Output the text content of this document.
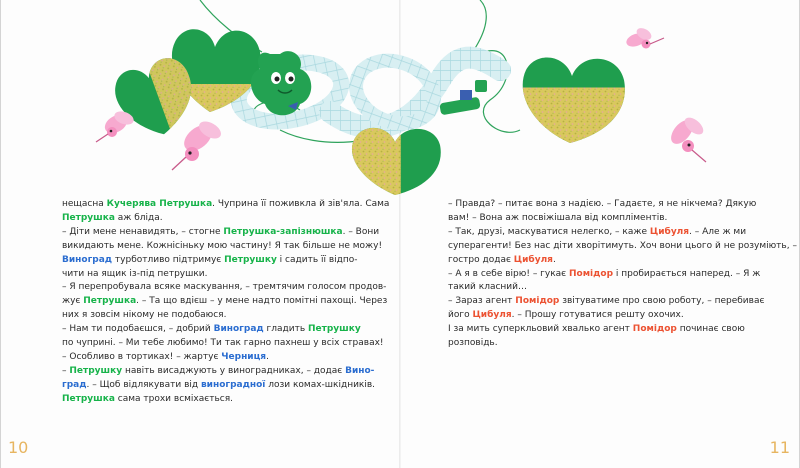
нещасна Кучерява Петрушка. Чуприна її поживкла й зів'яла. Сама

Петрушка аж бліда.

– Діти мене ненавидять, – стогне Петрушка-запізнюшка. – Вони

викидають мене. Кожнісіньку мою частину! Я так більше не можу!

Виноград турботливо підтримує Петрушку і садить її відпо-

чити на ящик із-під петрушки.

– Я перепробувала всяке маскування, – тремтячим голосом продов-

жує Петрушка. – Та що вдієш – у мене надто помітні пахощі. Через

них я зовсім нікому не подобаюся.

– Нам ти подобаєшся, – добрий Виноград гладить Петрушку

по чуприні. – Ми тебе любимо! Ти так гарно пахнеш у всіх стравах!

– Особливо в тортиках! – жартує Черниця.

– Петрушку навіть висаджують у виноградниках, – додає Вино-

град. – Щоб відлякувати від виноградної лози комах-шкідників.

Петрушка сама трохи всміхається.

– Правда? – питає вона з надією. – Гадаєте, я не нікчема? Дякую

вам! – Вона аж посвіжішала від компліментів.

– Так, друзі, маскуватися нелегко, – каже Цибуля. – Але ж ми

суперагенти! Без нас діти хворітимуть. Хоч вони цього й не розуміють, –

гостро додає Цибуля.

– А я в себе вірю! – гукає Помідор і пробирається наперед. – Я ж

такий класний…

– Зараз агент Помідор звітуватиме про свою роботу, – перебиває

його Цибуля. – Прошу готуватися решту охочих.

І за мить суперкльовий хвалько агент Помідор починає свою

розповідь.

10	11
